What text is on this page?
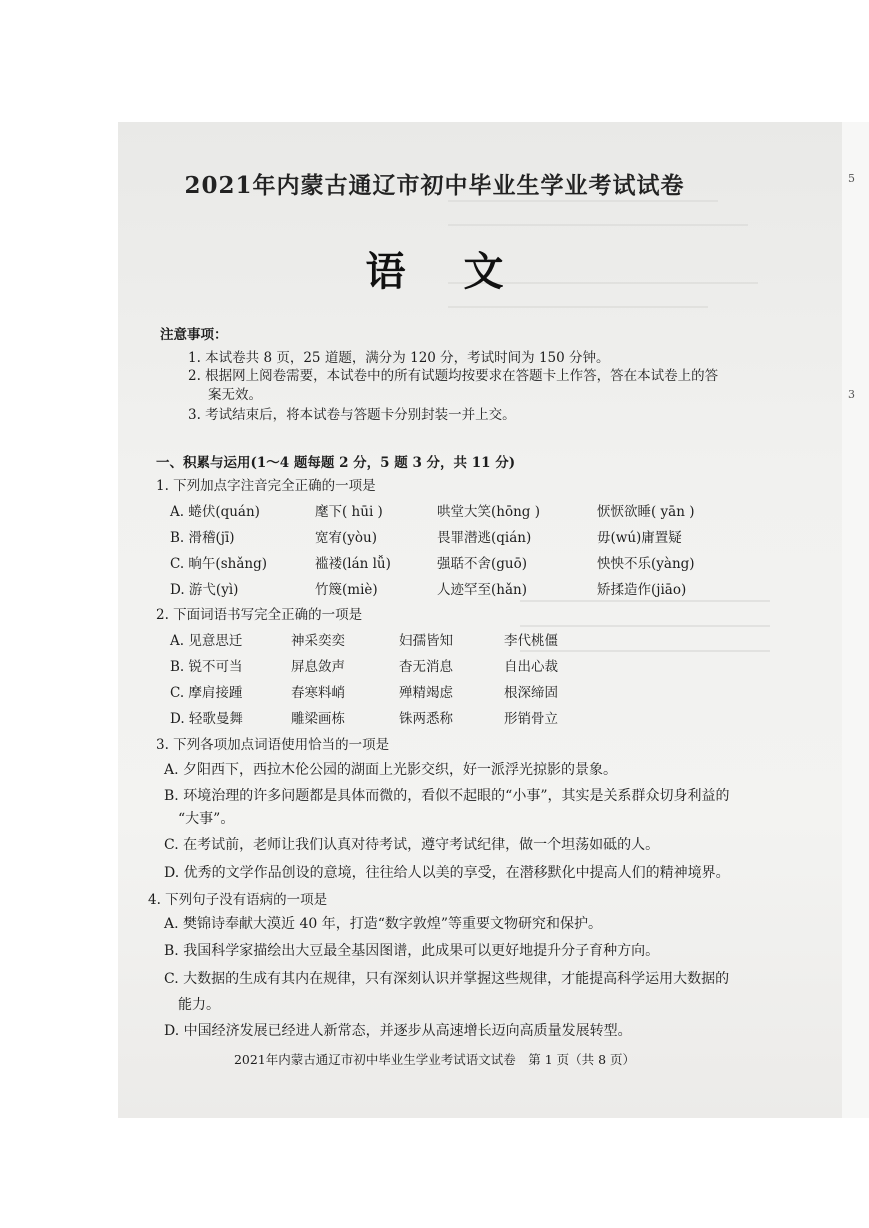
5
3
2021年内蒙古通辽市初中毕业生学业考试试卷
语文
注意事项：
1. 本试卷共 8 页，25 道题，满分为 120 分，考试时间为 150 分钟。
2. 根据网上阅卷需要，本试卷中的所有试题均按要求在答题卡上作答，答在本试卷上的答
案无效。
3. 考试结束后，将本试卷与答题卡分别封装一并上交。
一、积累与运用(1～4 题每题 2 分，5 题 3 分，共 11 分)
1. 下列加点字注音完全正确的一项是
A. 蜷伏(quán)	麾下( hūi )	哄堂大笑(hōng )	恹恹欲睡( yān )
B. 滑稽(jī)	宽宥(yòu)	畏罪潜逃(qián)	毋(wú)庸置疑
C. 晌午(shǎng)	褴褛(lán lǚ)	强聒不舍(guō)	怏怏不乐(yàng)
D. 游弋(yì)	竹篾(miè)	人迹罕至(hǎn)	矫揉造作(jiāo)
2. 下面词语书写完全正确的一项是
A. 见意思迁	神采奕奕	妇孺皆知	李代桃僵
B. 锐不可当	屏息敛声	杳无消息	自出心裁
C. 摩肩接踵	春寒料峭	殚精竭虑	根深缔固
D. 轻歌曼舞	雕梁画栋	铢两悉称	形销骨立
3. 下列各项加点词语使用恰当的一项是
A. 夕阳西下，西拉木伦公园的湖面上光影交织，好一派浮光掠影的景象。
B. 环境治理的许多问题都是具体而微的，看似不起眼的“小事”，其实是关系群众切身利益的
“大事”。
C. 在考试前，老师让我们认真对待考试，遵守考试纪律，做一个坦荡如砥的人。
D. 优秀的文学作品创设的意境，往往给人以美的享受，在潜移默化中提高人们的精神境界。
4. 下列句子没有语病的一项是
A. 樊锦诗奉献大漠近 40 年，打造“数字敦煌”等重要文物研究和保护。
B. 我国科学家描绘出大豆最全基因图谱，此成果可以更好地提升分子育种方向。
C. 大数据的生成有其内在规律，只有深刻认识并掌握这些规律，才能提高科学运用大数据的
能力。
D. 中国经济发展已经进人新常态，并逐步从高速增长迈向高质量发展转型。
2021年内蒙古通辽市初中毕业生学业考试语文试卷　第 1 页（共 8 页）
